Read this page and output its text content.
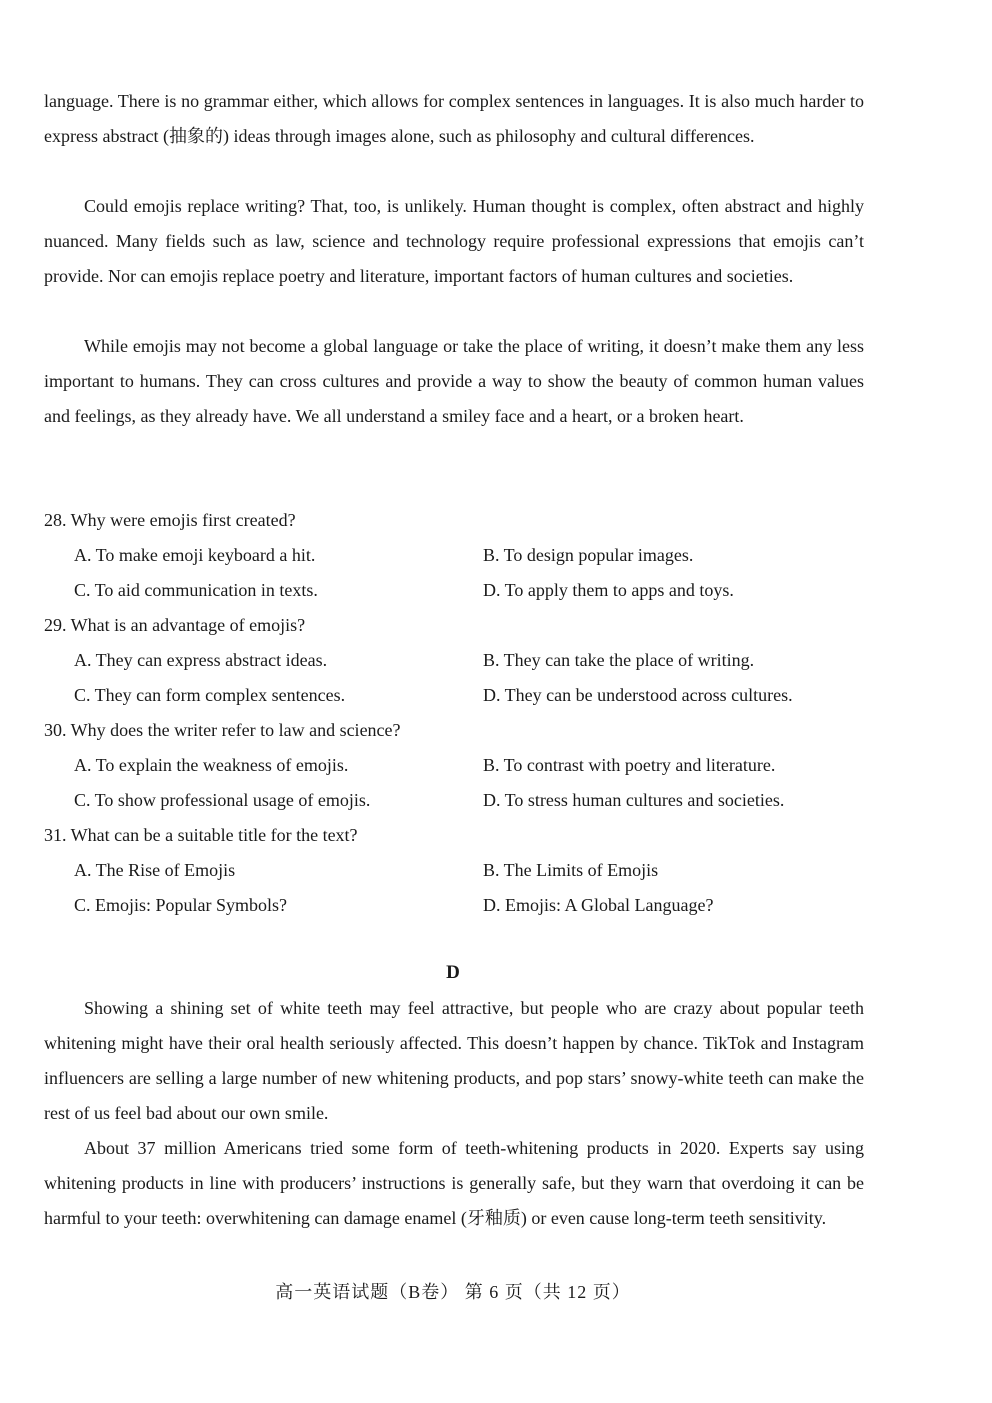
language. There is no grammar either, which allows for complex sentences in languages. It is also much harder to express abstract (抽象的) ideas through images alone, such as philosophy and cultural differences.

Could emojis replace writing? That, too, is unlikely. Human thought is complex, often abstract and highly nuanced. Many fields such as law, science and technology require professional expressions that emojis can’t provide. Nor can emojis replace poetry and literature, important factors of human cultures and societies.

While emojis may not become a global language or take the place of writing, it doesn’t make them any less important to humans. They can cross cultures and provide a way to show the beauty of common human values and feelings, as they already have. We all understand a smiley face and a heart, or a broken heart.

28. Why were emojis first created?

A. To make emoji keyboard a hit.	B. To design popular images.
C. To aid communication in texts.	D. To apply them to apps and toys.

29. What is an advantage of emojis?

A. They can express abstract ideas.	B. They can take the place of writing.
C. They can form complex sentences.	D. They can be understood across cultures.

30. Why does the writer refer to law and science?

A. To explain the weakness of emojis.	B. To contrast with poetry and literature.
C. To show professional usage of emojis.	D. To stress human cultures and societies.

31. What can be a suitable title for the text?

A. The Rise of Emojis	B. The Limits of Emojis
C. Emojis: Popular Symbols?	D. Emojis: A Global Language?
D

Showing a shining set of white teeth may feel attractive, but people who are crazy about popular teeth whitening might have their oral health seriously affected. This doesn’t happen by chance. TikTok and Instagram influencers are selling a large number of new whitening products, and pop stars’ snowy-white teeth can make the rest of us feel bad about our own smile.

About 37 million Americans tried some form of teeth-whitening products in 2020. Experts say using whitening products in line with producers’ instructions is generally safe, but they warn that overdoing it can be harmful to your teeth: overwhitening can damage enamel (牙釉质) or even cause long-term teeth sensitivity.

高一英语试题（B卷） 第 6 页（共 12 页）
